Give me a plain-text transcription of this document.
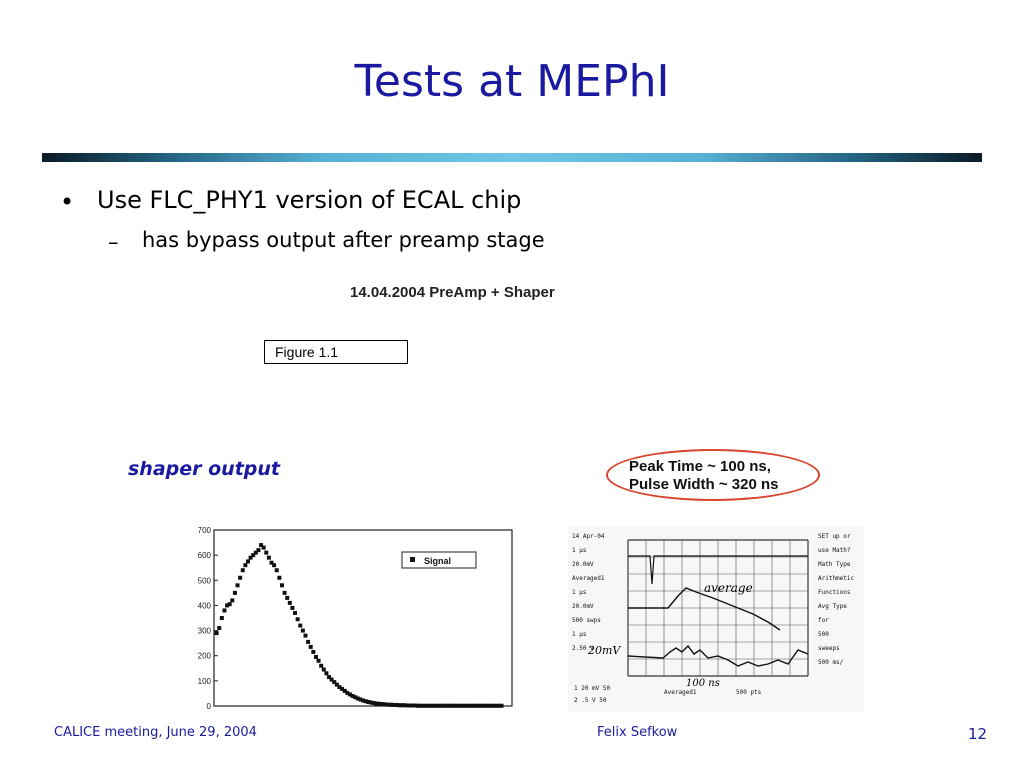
Tests at MEPhI
• Use FLC_PHY1 version of ECAL chip
– has bypass output after preamp stage
14.04.2004 PreAmp + Shaper
Figure 1.1
shaper output	Peak Time ~ 100 ns,
Pulse Width ~ 320 ns
0
100
200
300
400
500
600
700
Signal
average
20mV
100 ns
14 Apr-04
1 µs
20.0mV
Averaged1
1 µs
20.0mV
500 swps
1 µs
2.50 V
SET up or
use Math?
Math Type
Arithmetic
Functions
Avg Type
for
500
sweeps
500 ms/
1 20 mV 50
2 .5 V 50
Averaged1	500 pts
CALICE meeting, June 29, 2004	Felix Sefkow	12
